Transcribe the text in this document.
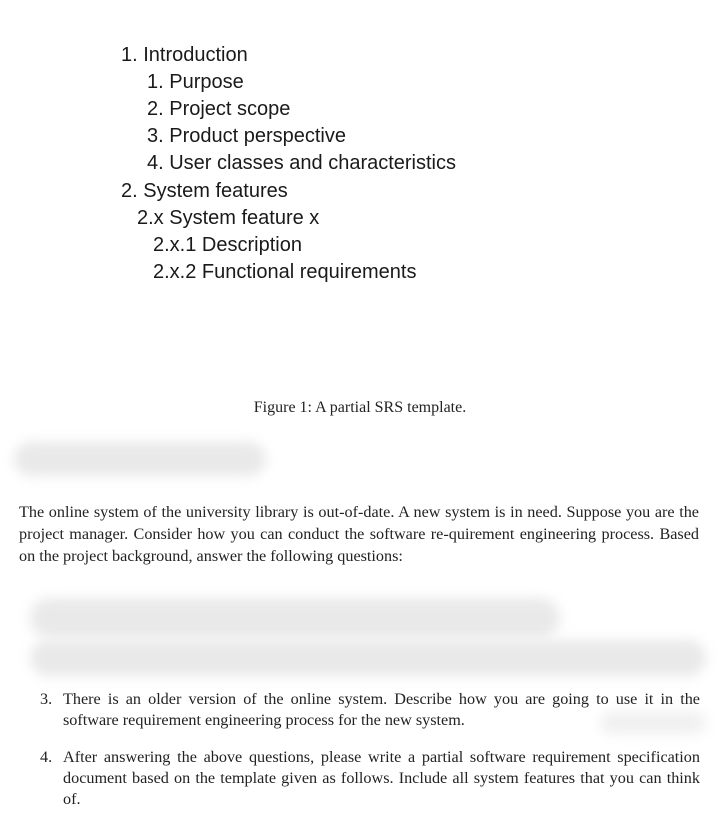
1. Introduction
1. Purpose
2. Project scope
3. Product perspective
4. User classes and characteristics
2. System features
2.x System feature x
2.x.1 Description
2.x.2 Functional requirements
Figure 1: A partial SRS template.
The online system of the university library is out-of-date. A new system is in need. Suppose you are the project manager. Consider how you can conduct the software re-quirement engineering process. Based on the project background, answer the following questions:
3. There is an older version of the online system. Describe how you are going to use it in the software requirement engineering process for the new system.
4. After answering the above questions, please write a partial software requirement specification document based on the template given as follows. Include all system features that you can think of.
